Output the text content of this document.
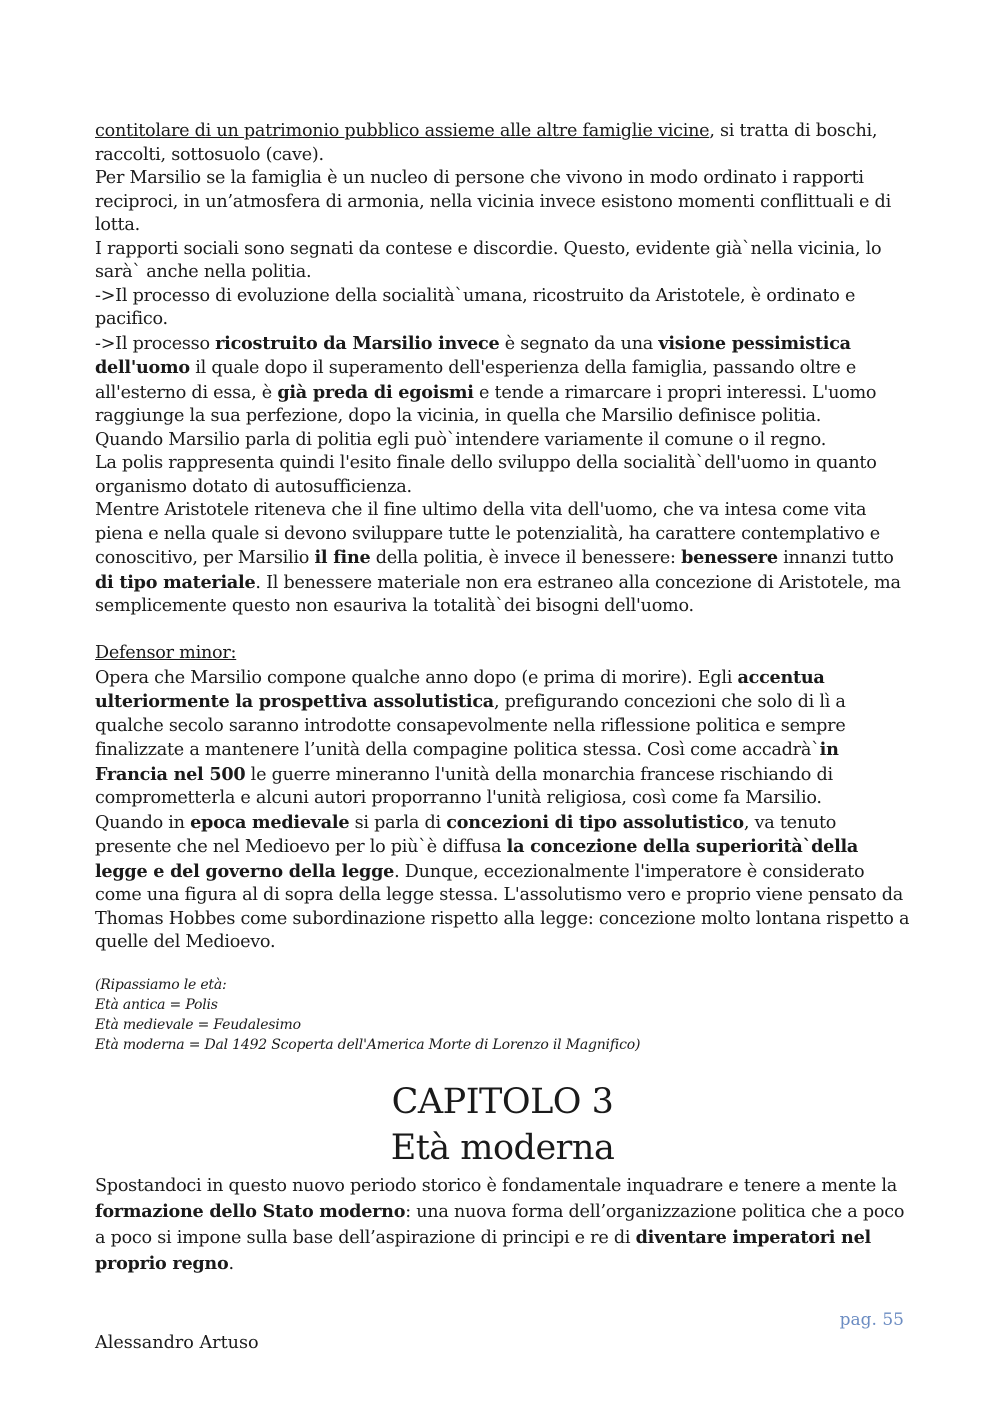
contitolare di un patrimonio pubblico assieme alle altre famiglie vicine, si tratta di boschi, raccolti, sottosuolo (cave).

Per Marsilio se la famiglia è un nucleo di persone che vivono in modo ordinato i rapporti reciproci, in un’atmosfera di armonia, nella vicinia invece esistono momenti conflittuali e di lotta.

I rapporti sociali sono segnati da contese e discordie. Questo, evidente già`nella vicinia, lo sarà` anche nella politia.

->Il processo di evoluzione della socialità`umana, ricostruito da Aristotele, è ordinato e pacifico.

->Il processo ricostruito da Marsilio invece è segnato da una visione pessimistica dell'uomo il quale dopo il superamento dell'esperienza della famiglia, passando oltre e all'esterno di essa, è già preda di egoismi e tende a rimarcare i propri interessi. L'uomo raggiunge la sua perfezione, dopo la vicinia, in quella che Marsilio definisce politia.

Quando Marsilio parla di politia egli può`intendere variamente il comune o il regno.

La polis rappresenta quindi l'esito finale dello sviluppo della socialità`dell'uomo in quanto organismo dotato di autosufficienza.

Mentre Aristotele riteneva che il fine ultimo della vita dell'uomo, che va intesa come vita piena e nella quale si devono sviluppare tutte le potenzialità, ha carattere contemplativo e conoscitivo, per Marsilio il fine della politia, è invece il benessere: benessere innanzi tutto di tipo materiale. Il benessere materiale non era estraneo alla concezione di Aristotele, ma semplicemente questo non esauriva la totalità`dei bisogni dell'uomo.

Defensor minor:

Opera che Marsilio compone qualche anno dopo (e prima di morire). Egli accentua ulteriormente la prospettiva assolutistica, prefigurando concezioni che solo di lì a qualche secolo saranno introdotte consapevolmente nella riflessione politica e sempre finalizzate a mantenere l’unità della compagine politica stessa. Così come accadrà`in Francia nel 500 le guerre mineranno l'unità della monarchia francese rischiando di comprometterla e alcuni autori proporranno l'unità religiosa, così come fa Marsilio.

Quando in epoca medievale si parla di concezioni di tipo assolutistico, va tenuto presente che nel Medioevo per lo più`è diffusa la concezione della superiorità`della legge e del governo della legge. Dunque, eccezionalmente l'imperatore è considerato come una figura al di sopra della legge stessa. L'assolutismo vero e proprio viene pensato da Thomas Hobbes come subordinazione rispetto alla legge: concezione molto lontana rispetto a quelle del Medioevo.

(Ripassiamo le età:

Età antica = Polis

Età medievale = Feudalesimo

Età moderna = Dal 1492 Scoperta dell'America Morte di Lorenzo il Magnifico)

CAPITOLO 3
Età moderna

Spostandoci in questo nuovo periodo storico è fondamentale inquadrare e tenere a mente la formazione dello Stato moderno: una nuova forma dell’organizzazione politica che a poco a poco si impone sulla base dell’aspirazione di principi e re di diventare imperatori nel proprio regno.

pag. 55
Alessandro Artuso
